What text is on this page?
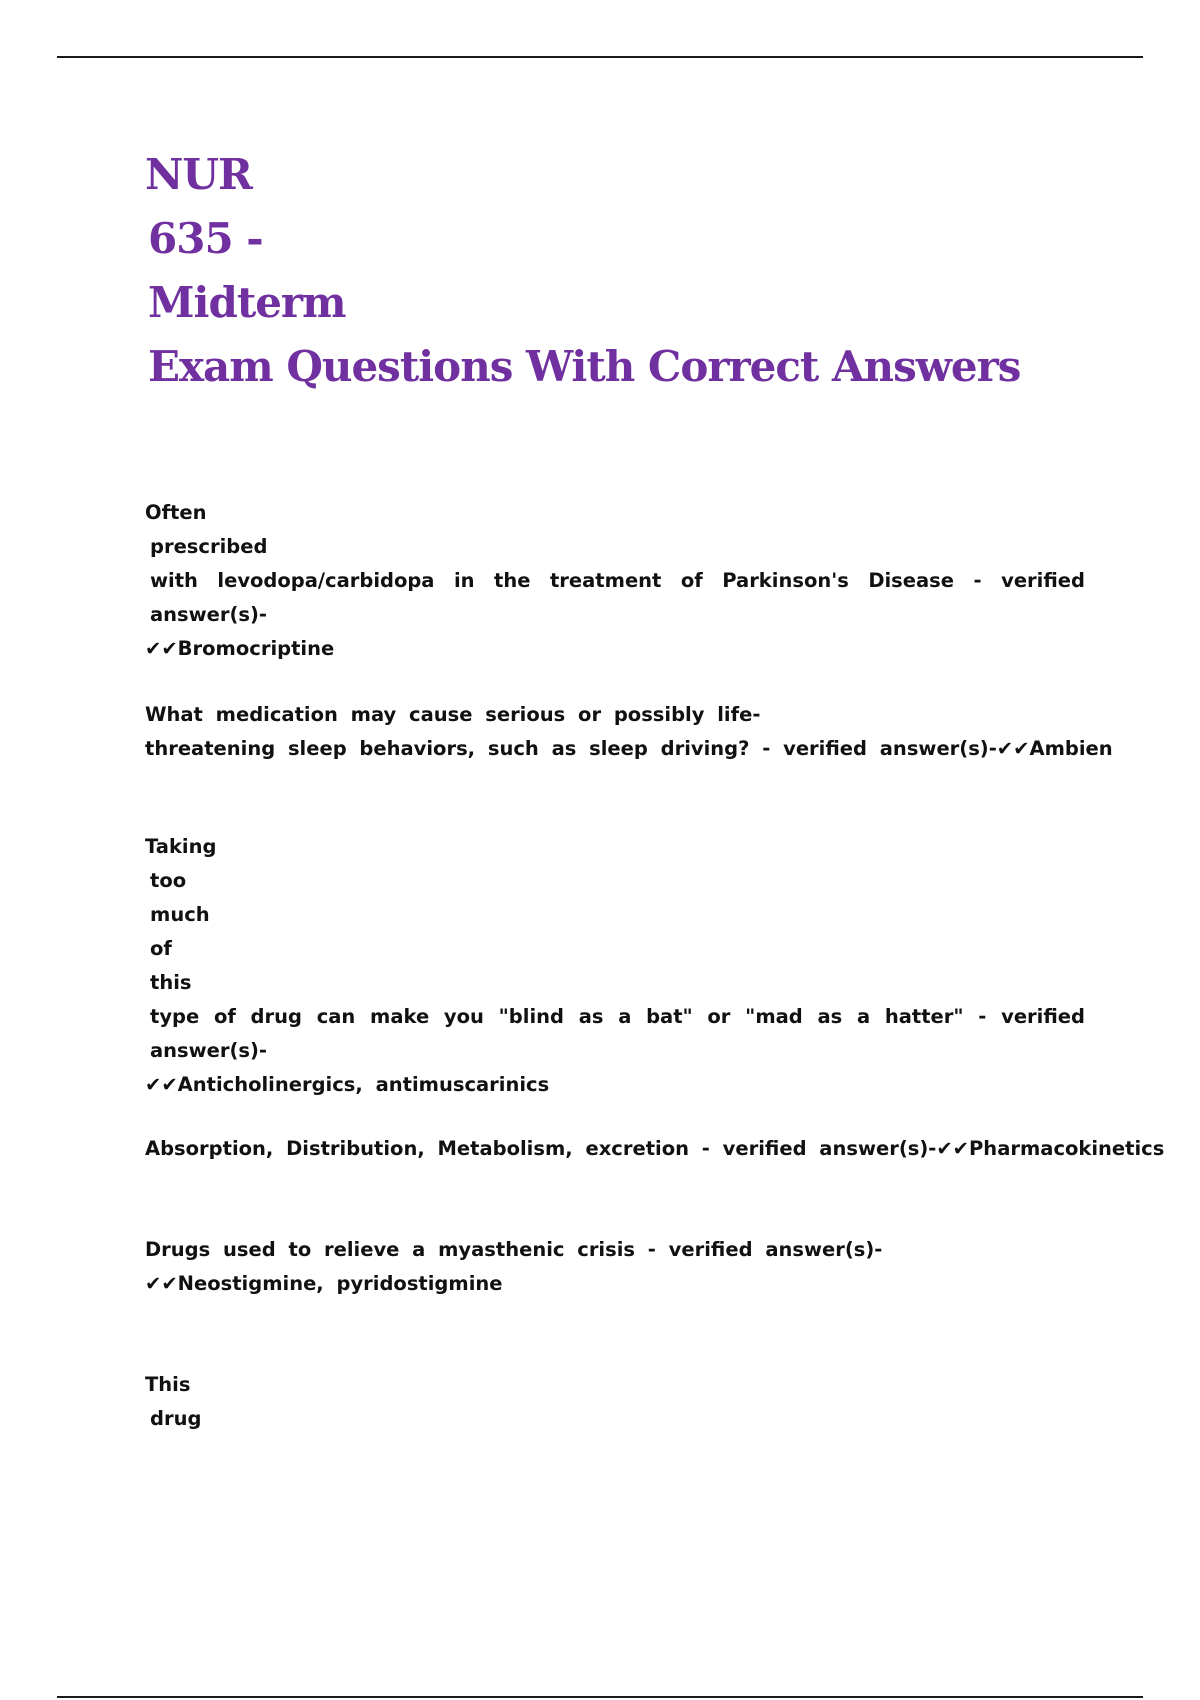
NUR
635 -
Midterm
Exam Questions With Correct Answers
Often
prescribed
with levodopa/carbidopa in the treatment of Parkinson's Disease - verified answer(s)-
✔✔Bromocriptine
What medication may cause serious or possibly life-
threatening sleep behaviors, such as sleep driving? - verified answer(s)-✔✔Ambien
Taking
too
much
of
this
type of drug can make you "blind as a bat" or "mad as a hatter" - verified answer(s)-
✔✔Anticholinergics, antimuscarinics
Absorption, Distribution, Metabolism, excretion - verified answer(s)-✔✔Pharmacokinetics
Drugs used to relieve a myasthenic crisis - verified answer(s)-
✔✔Neostigmine, pyridostigmine
This
drug
